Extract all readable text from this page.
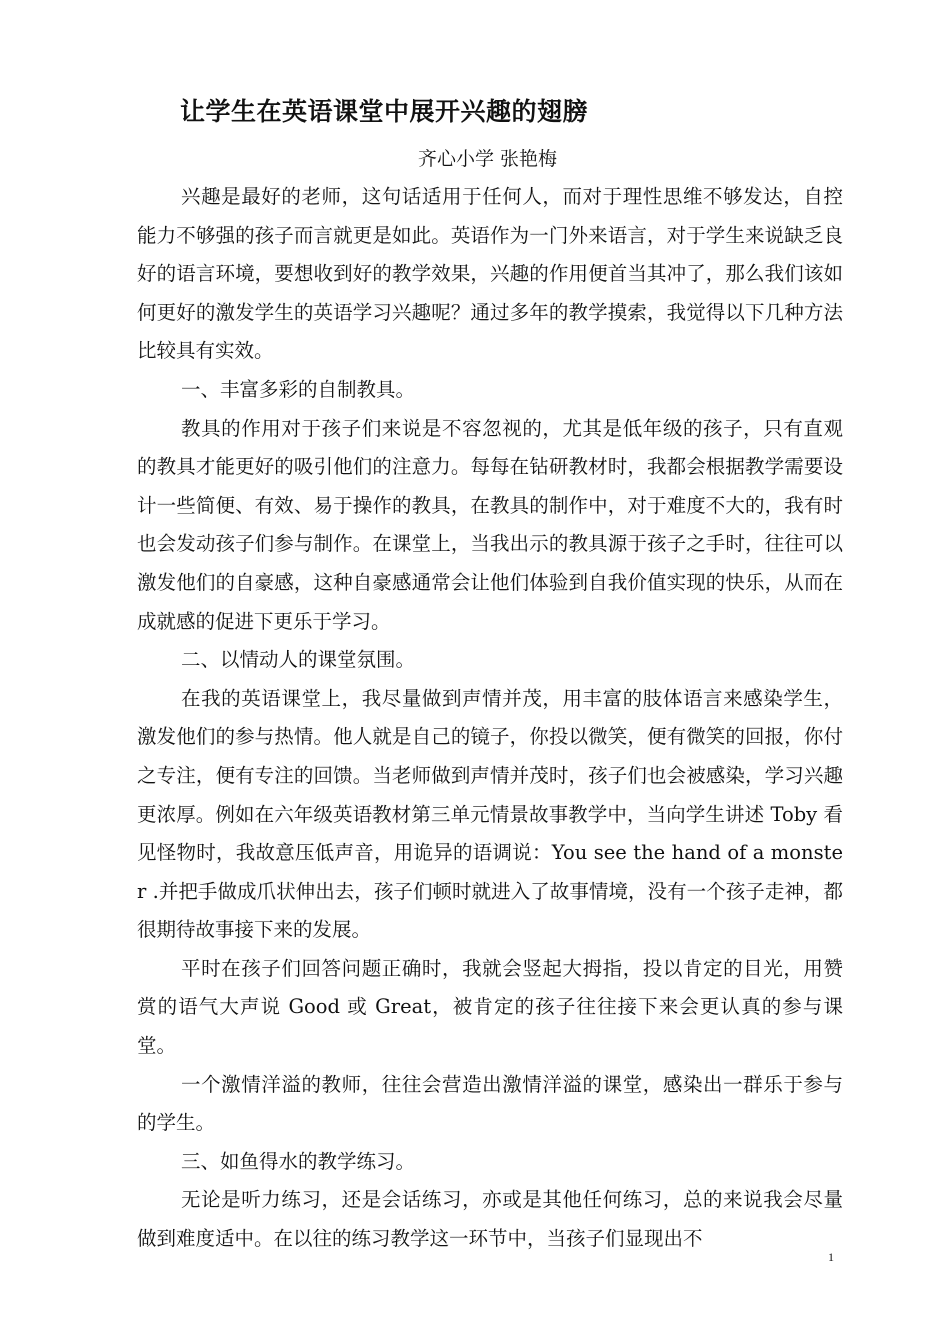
让学生在英语课堂中展开兴趣的翅膀
齐心小学 张艳梅

兴趣是最好的老师，这句话适用于任何人，而对于理性思维不够发达，自控能力不够强的孩子而言就更是如此。英语作为一门外来语言，对于学生来说缺乏良好的语言环境，要想收到好的教学效果，兴趣的作用便首当其冲了，那么我们该如何更好的激发学生的英语学习兴趣呢？通过多年的教学摸索，我觉得以下几种方法比较具有实效。

一、丰富多彩的自制教具。

教具的作用对于孩子们来说是不容忽视的，尤其是低年级的孩子，只有直观的教具才能更好的吸引他们的注意力。每每在钻研教材时，我都会根据教学需要设计一些简便、有效、易于操作的教具，在教具的制作中，对于难度不大的，我有时也会发动孩子们参与制作。在课堂上，当我出示的教具源于孩子之手时，往往可以激发他们的自豪感，这种自豪感通常会让他们体验到自我价值实现的快乐，从而在成就感的促进下更乐于学习。

二、以情动人的课堂氛围。

在我的英语课堂上，我尽量做到声情并茂，用丰富的肢体语言来感染学生，激发他们的参与热情。他人就是自己的镜子，你投以微笑，便有微笑的回报，你付之专注，便有专注的回馈。当老师做到声情并茂时，孩子们也会被感染，学习兴趣更浓厚。例如在六年级英语教材第三单元情景故事教学中，当向学生讲述 Toby 看见怪物时，我故意压低声音，用诡异的语调说：You see the hand of a monster .并把手做成爪状伸出去，孩子们顿时就进入了故事情境，没有一个孩子走神，都很期待故事接下来的发展。

平时在孩子们回答问题正确时，我就会竖起大拇指，投以肯定的目光，用赞赏的语气大声说 Good 或 Great，被肯定的孩子往往接下来会更认真的参与课堂。

一个激情洋溢的教师，往往会营造出激情洋溢的课堂，感染出一群乐于参与的学生。

三、如鱼得水的教学练习。

无论是听力练习，还是会话练习，亦或是其他任何练习，总的来说我会尽量做到难度适中。在以往的练习教学这一环节中，当孩子们显现出不

1
